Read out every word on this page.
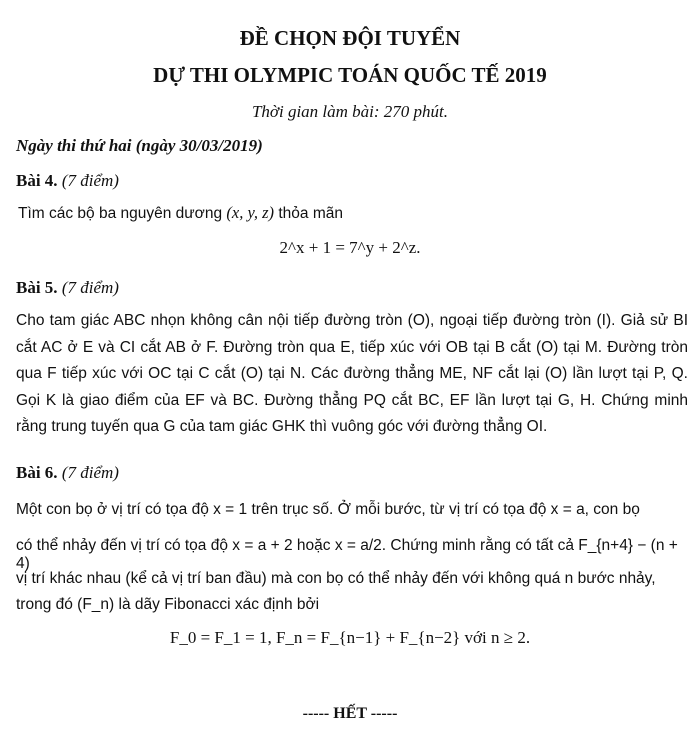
ĐỀ CHỌN ĐỘI TUYỂN
DỰ THI OLYMPIC TOÁN QUỐC TẾ 2019
Thời gian làm bài: 270 phút.
Ngày thi thứ hai (ngày 30/03/2019)
Bài 4. (7 điểm)
Tìm các bộ ba nguyên dương (x, y, z) thỏa mãn
2^x + 1 = 7^y + 2^z.
Bài 5. (7 điểm)
Cho tam giác ABC nhọn không cân nội tiếp đường tròn (O), ngoại tiếp đường tròn (I). Giả sử BI cắt AC ở E và CI cắt AB ở F. Đường tròn qua E, tiếp xúc với OB tại B cắt (O) tại M. Đường tròn qua F tiếp xúc với OC tại C cắt (O) tại N. Các đường thẳng ME, NF cắt lại (O) lần lượt tại P, Q. Gọi K là giao điểm của EF và BC. Đường thẳng PQ cắt BC, EF lần lượt tại G, H. Chứng minh rằng trung tuyến qua G của tam giác GHK thì vuông góc với đường thẳng OI.
Bài 6. (7 điểm)
Một con bọ ở vị trí có tọa độ x = 1 trên trục số. Ở mỗi bước, từ vị trí có tọa độ x = a, con bọ
có thể nhảy đến vị trí có tọa độ x = a + 2 hoặc x = a/2. Chứng minh rằng có tất cả F_{n+4} − (n + 4)
vị trí khác nhau (kể cả vị trí ban đầu) mà con bọ có thể nhảy đến với không quá n bước nhảy,
trong đó (F_n) là dãy Fibonacci xác định bởi
F_0 = F_1 = 1, F_n = F_{n−1} + F_{n−2} với n ≥ 2.
----- HẾT -----
